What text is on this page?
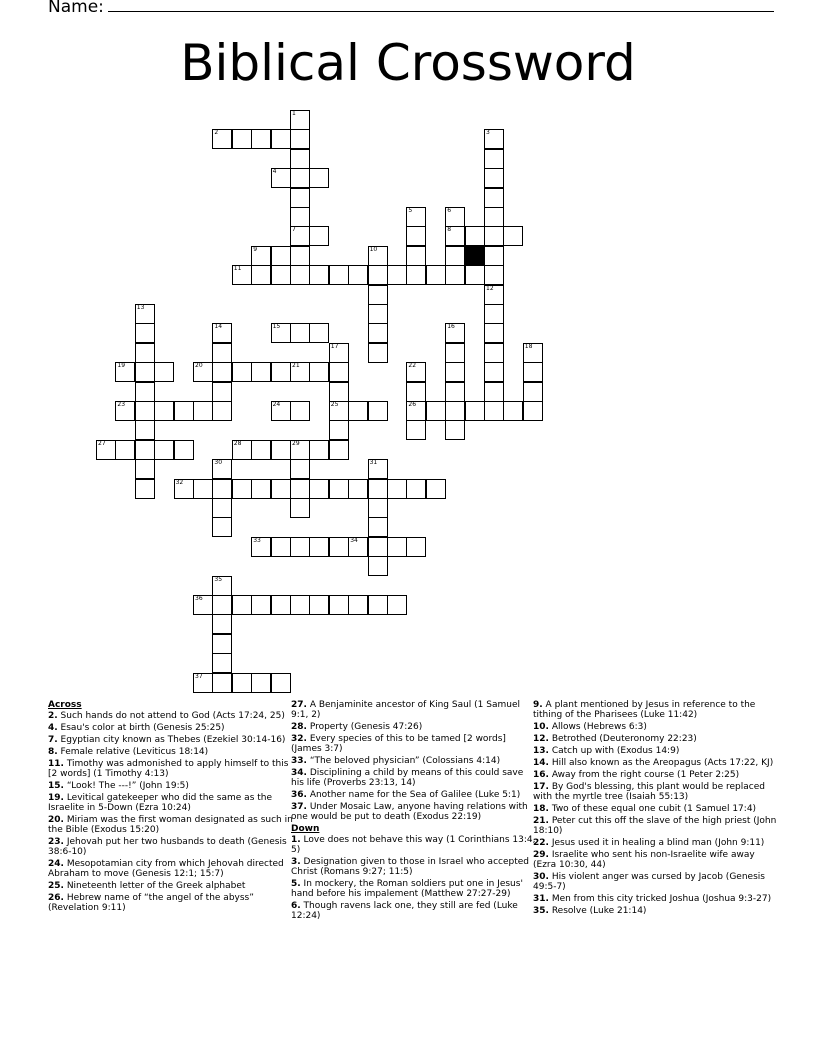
Name:
Biblical Crossword
1
2	3
4
5	6
7	8
9	10
11
12
13
14	15	16
17	18
19	20	21	22
23	24	25	26
27	28	29
30	31
32
33	34
35
36
37
Across
2. Such hands do not attend to God (Acts 17:24, 25)
4. Esau's color at birth (Genesis 25:25)
7. Egyptian city known as Thebes (Ezekiel 30:14-16)
8. Female relative (Leviticus 18:14)
11. Timothy was admonished to apply himself to this [2 words] (1 Timothy 4:13)
15. “Look! The ---!” (John 19:5)
19. Levitical gatekeeper who did the same as the Israelite in 5-Down (Ezra 10:24)
20. Miriam was the first woman designated as such in the Bible (Exodus 15:20)
23. Jehovah put her two husbands to death (Genesis 38:6-10)
24. Mesopotamian city from which Jehovah directed Abraham to move (Genesis 12:1; 15:7)
25. Nineteenth letter of the Greek alphabet
26. Hebrew name of “the angel of the abyss” (Revelation 9:11)
27. A Benjaminite ancestor of King Saul (1 Samuel 9:1, 2)
28. Property (Genesis 47:26)
32. Every species of this to be tamed [2 words] (James 3:7)
33. “The beloved physician” (Colossians 4:14)
34. Disciplining a child by means of this could save his life (Proverbs 23:13, 14)
36. Another name for the Sea of Galilee (Luke 5:1)
37. Under Mosaic Law, anyone having relations with one would be put to death (Exodus 22:19)
Down
1. Love does not behave this way (1 Corinthians 13:4, 5)
3. Designation given to those in Israel who accepted Christ (Romans 9:27; 11:5)
5. In mockery, the Roman soldiers put one in Jesus' hand before his impalement (Matthew 27:27-29)
6. Though ravens lack one, they still are fed (Luke 12:24)
9. A plant mentioned by Jesus in reference to the tithing of the Pharisees (Luke 11:42)
10. Allows (Hebrews 6:3)
12. Betrothed (Deuteronomy 22:23)
13. Catch up with (Exodus 14:9)
14. Hill also known as the Areopagus (Acts 17:22, KJ)
16. Away from the right course (1 Peter 2:25)
17. By God's blessing, this plant would be replaced with the myrtle tree (Isaiah 55:13)
18. Two of these equal one cubit (1 Samuel 17:4)
21. Peter cut this off the slave of the high priest (John 18:10)
22. Jesus used it in healing a blind man (John 9:11)
29. Israelite who sent his non-Israelite wife away (Ezra 10:30, 44)
30. His violent anger was cursed by Jacob (Genesis 49:5-7)
31. Men from this city tricked Joshua (Joshua 9:3-27)
35. Resolve (Luke 21:14)
